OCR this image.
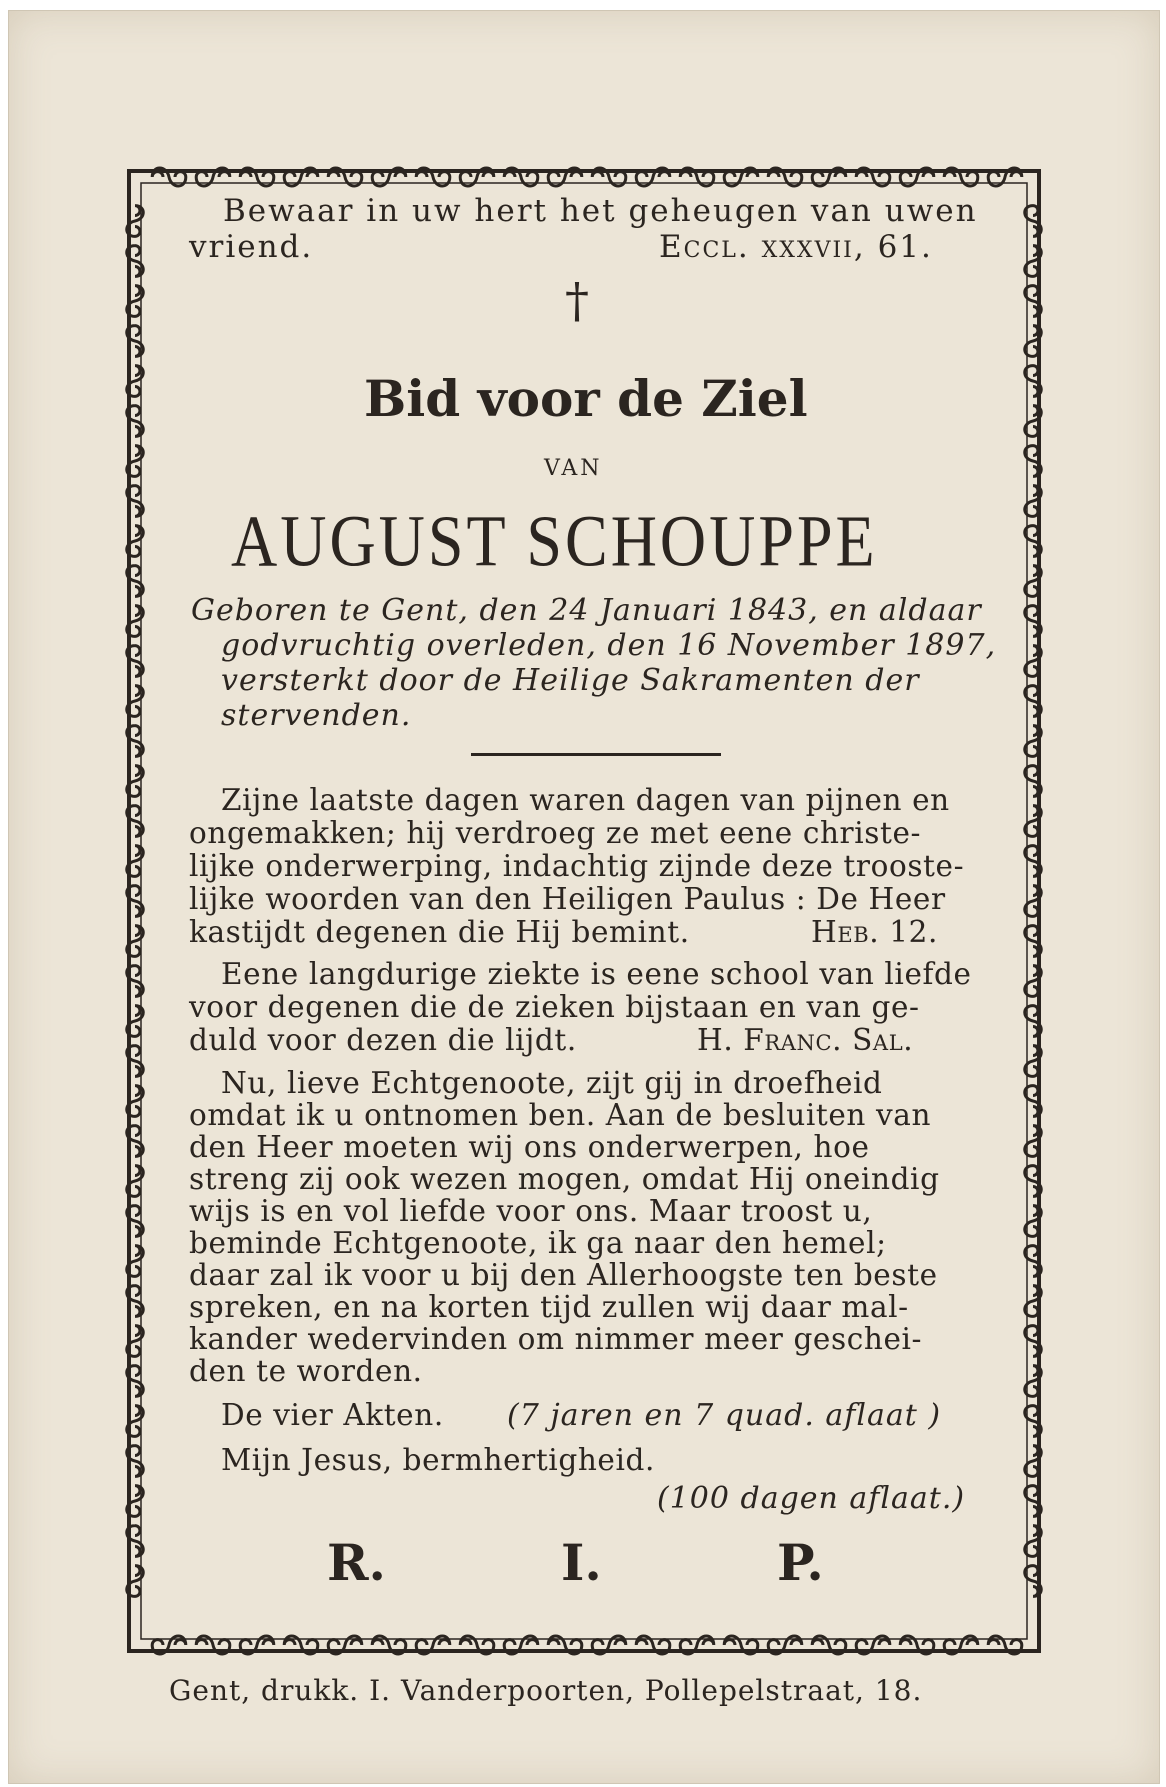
Bewaar in uw hert het geheugen van uwen
vriend.	Eccl. xxxvii, 61.
†
Bid voor de Ziel
VAN
AUGUST SCHOUPPE
Geboren te Gent, den 24 Januari 1843, en aldaar
godvruchtig overleden, den 16 November 1897,
versterkt door de Heilige Sakramenten der
stervenden.
Zijne laatste dagen waren dagen van pijnen en
ongemakken; hij verdroeg ze met eene christe-
lijke onderwerping, indachtig zijnde deze trooste-
lijke woorden van den Heiligen Paulus : De Heer
kastijdt degenen die Hij bemint.	Heb. 12.
Eene langdurige ziekte is eene school van liefde
voor degenen die de zieken bijstaan en van ge-
duld voor dezen die lijdt.	H. Franc. Sal.
Nu, lieve Echtgenoote, zijt gij in droefheid
omdat ik u ontnomen ben. Aan de besluiten van
den Heer moeten wij ons onderwerpen, hoe
streng zij ook wezen mogen, omdat Hij oneindig
wijs is en vol liefde voor ons. Maar troost u,
beminde Echtgenoote, ik ga naar den hemel;
daar zal ik voor u bij den Allerhoogste ten beste
spreken, en na korten tijd zullen wij daar mal-
kander wedervinden om nimmer meer geschei-
den te worden.
De vier Akten. (7 jaren en 7 quad. aflaat )
Mijn Jesus, bermhertigheid.
(100 dagen aflaat.)
R.	I.	P.
Gent, drukk. I. Vanderpoorten, Pollepelstraat, 18.
